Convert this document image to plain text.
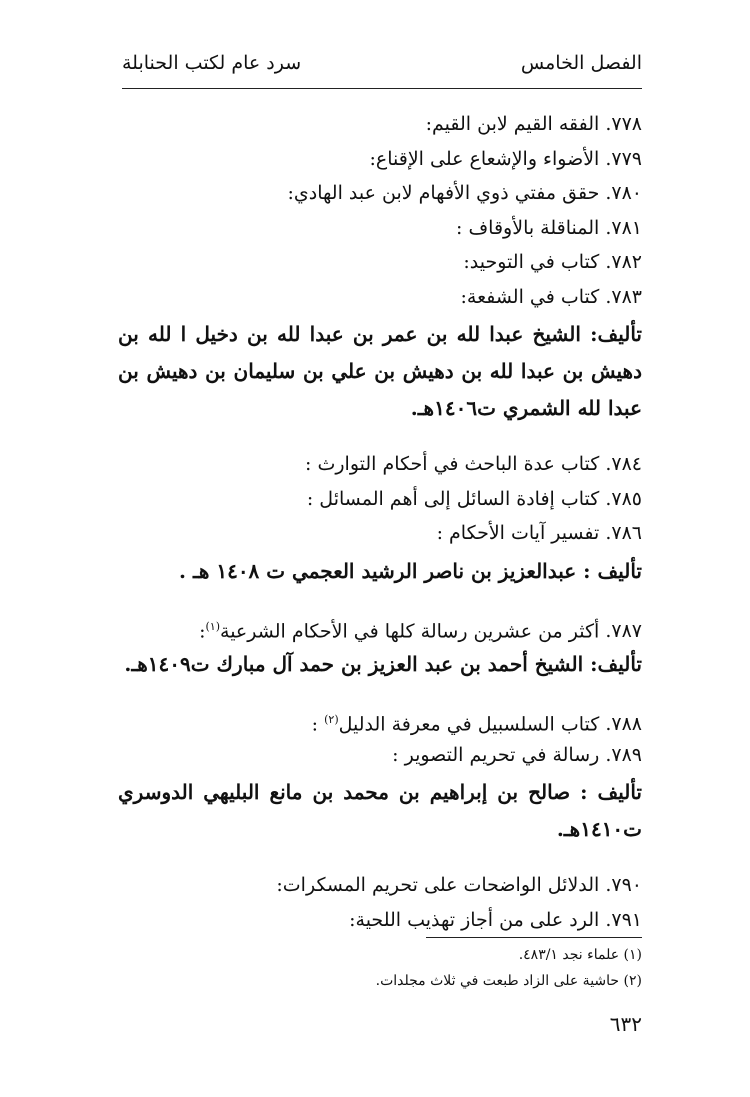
الفصل الخامس
سرد عام لكتب الحنابلة
٧٧٨.الفقه القيم لابن القيم:
٧٧٩.الأضواء والإشعاع على الإقناع:
٧٨٠.حقق مفتي ذوي الأفهام لابن عبد الهادي:
٧٨١.المناقلة بالأوقاف :
٧٨٢.كتاب في التوحيد:
٧٨٣.كتاب في الشفعة:
تأليف: الشيخ عبدا لله بن عمر بن عبدا لله بن دخيل ا لله بن دهيش بن عبدا لله بن دهيش بن علي بن سليمان بن دهيش بن عبدا لله الشمري ت١٤٠٦هـ.
٧٨٤.كتاب عدة الباحث في أحكام التوارث :
٧٨٥.كتاب إفادة السائل إلى أهم المسائل :
٧٨٦.تفسير آيات الأحكام :
تأليف : عبدالعزيز بن ناصر الرشيد العجمي ت ١٤٠٨ هـ .
٧٨٧.أكثر من عشرين رسالة كلها في الأحكام الشرعية$^{(١)}$:
تأليف: الشيخ أحمد بن عبد العزيز بن حمد آل مبارك ت١٤٠٩هـ.
٧٨٨.كتاب السلسبيل في معرفة الدليل$^{(٢)}$ :
٧٨٩.رسالة في تحريم التصوير :
تأليف : صالح بن إبراهيم بن محمد بن مانع البليهي الدوسري ت١٤١٠هـ.
٧٩٠.الدلائل الواضحات على تحريم المسكرات:
٧٩١.الرد على من أجاز تهذيب اللحية:
(١) علماء نجد ٤٨٣/١.
(٢) حاشية على الزاد طبعت في ثلاث مجلدات.
٦٣٢
